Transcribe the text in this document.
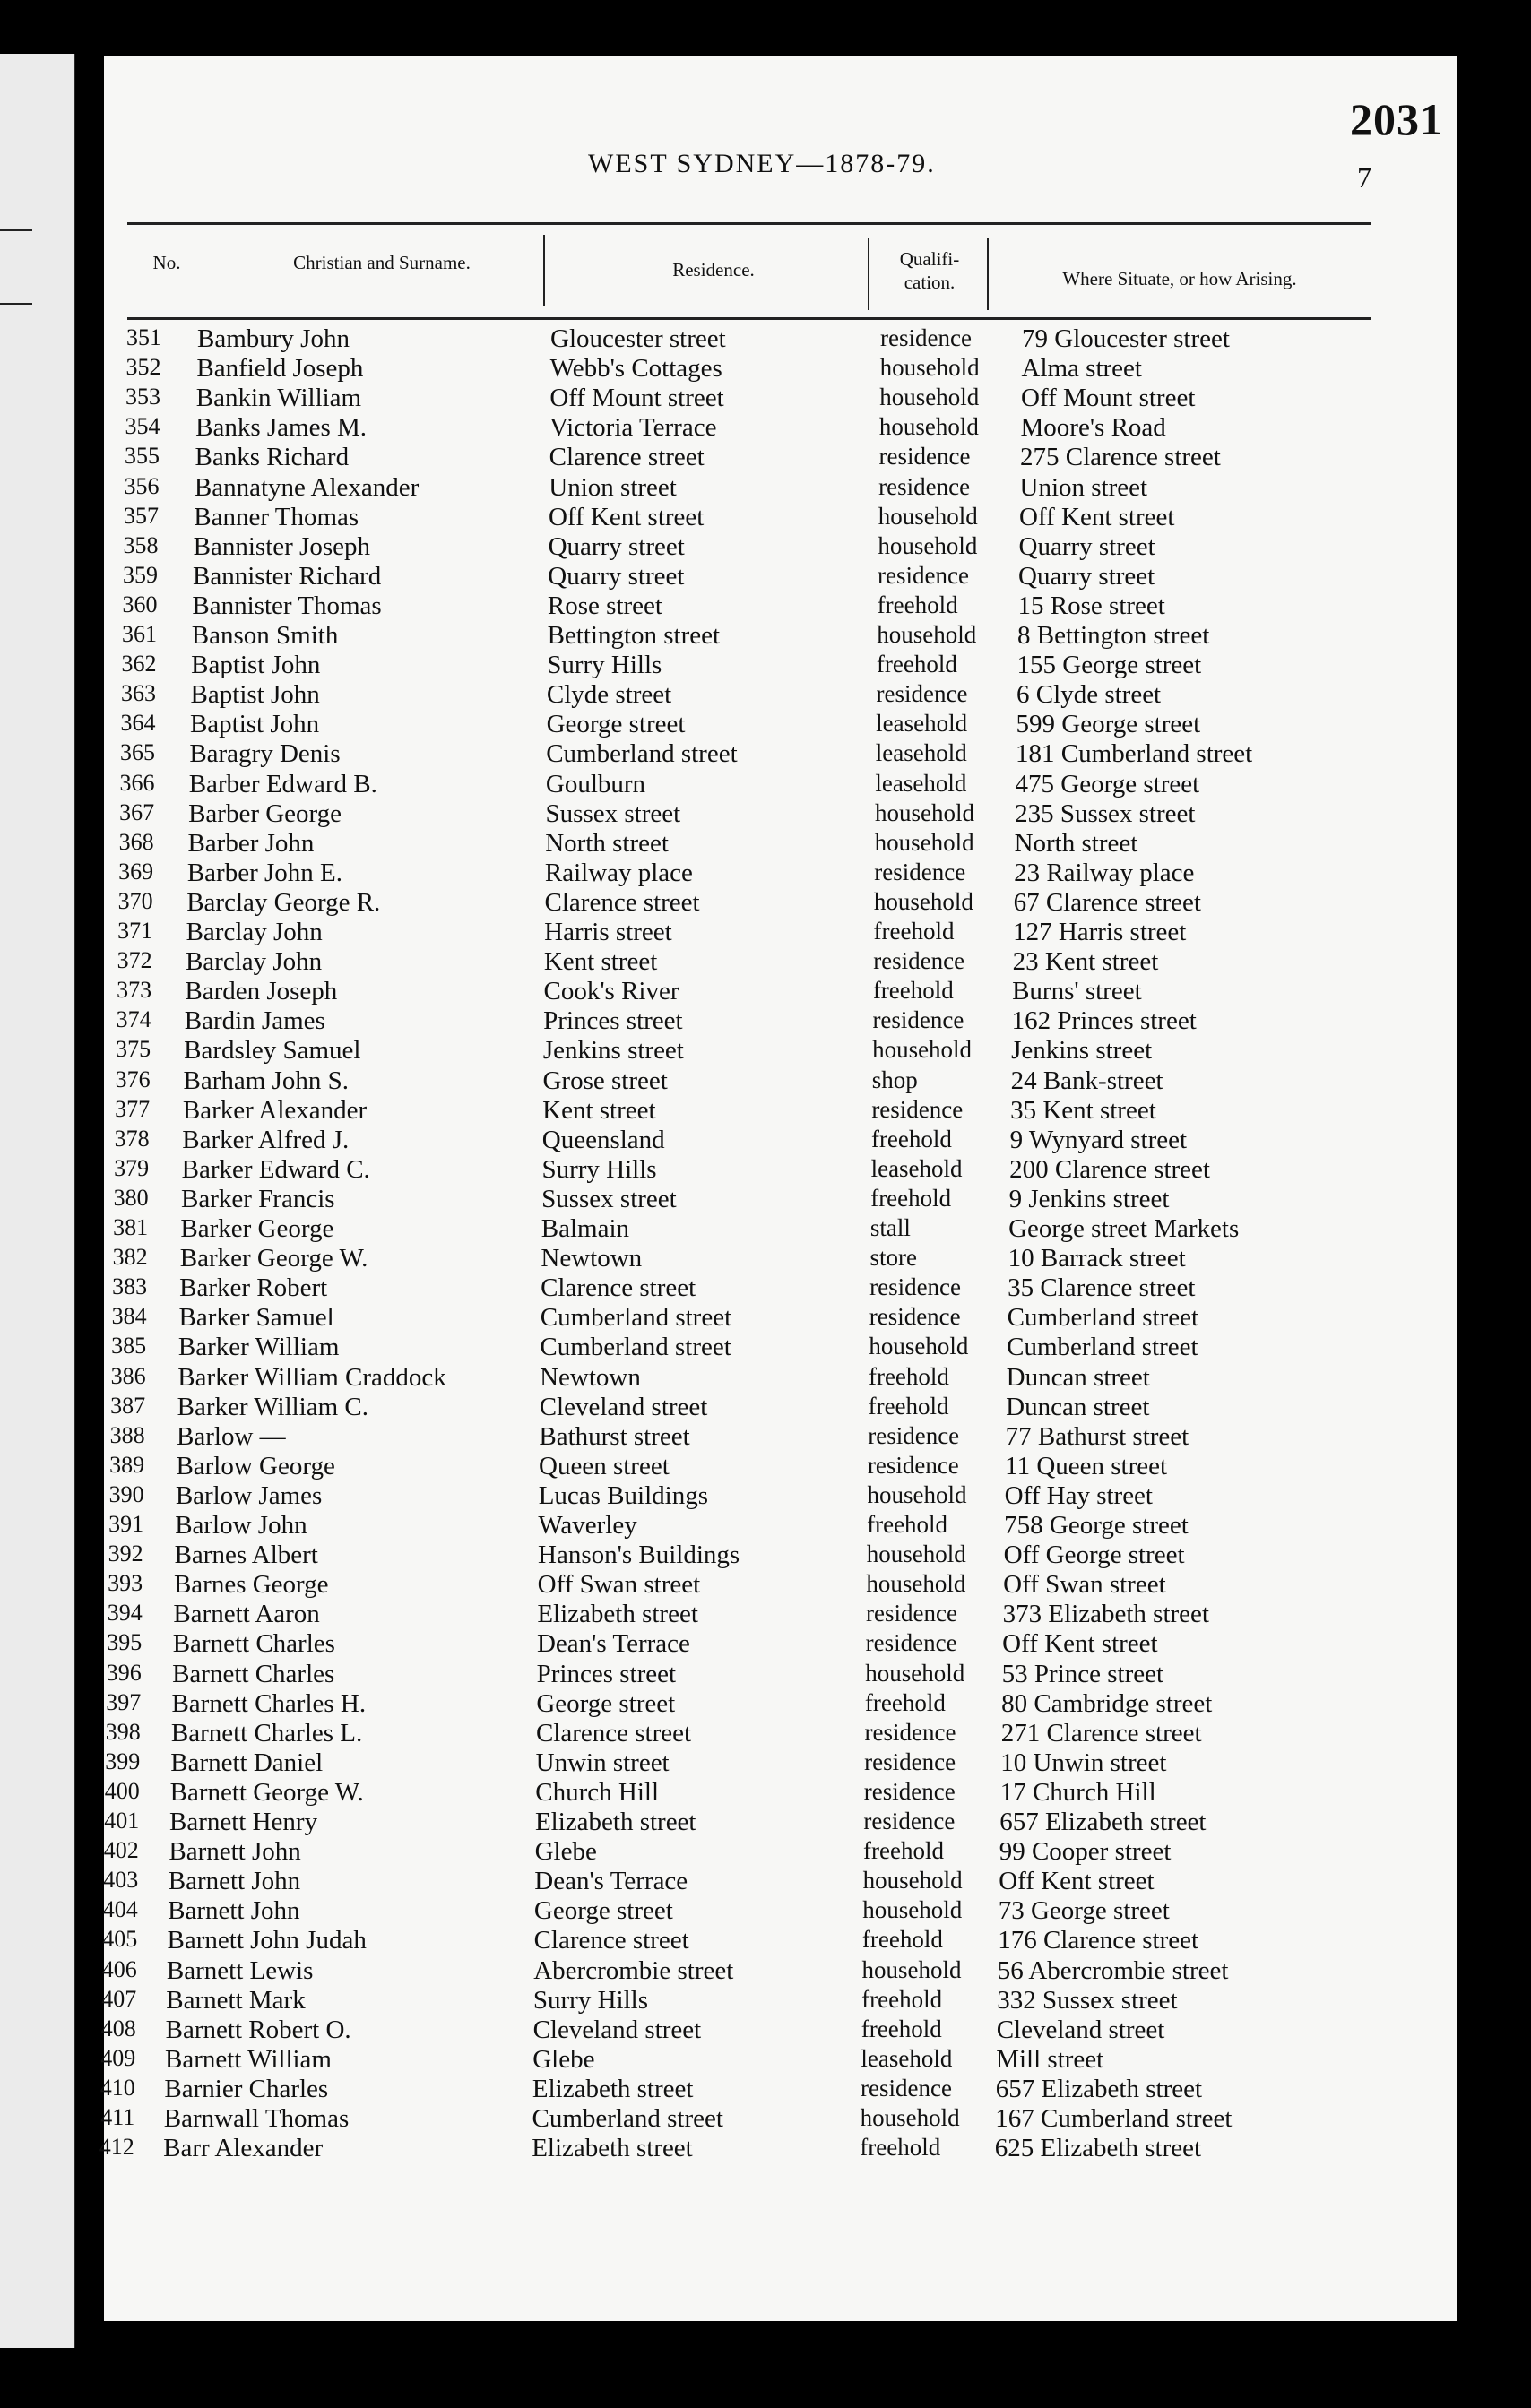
2031
WEST SYDNEY—1878-79.	7
No.	Christian and Surname.	Residence.	Qualifi-
cation.	Where Situate, or how Arising.
351 Bambury John	Gloucester street	residence 79 Gloucester street
352 Banfield Joseph	Webb's Cottages	household Alma street
353 Bankin William	Off Mount street	household Off Mount street
354 Banks James M.	Victoria Terrace	household Moore's Road
355 Banks Richard	Clarence street	residence 275 Clarence street
356 Bannatyne Alexander	Union street	residence Union street
357 Banner Thomas	Off Kent street	household Off Kent street
358 Bannister Joseph	Quarry street	household Quarry street
359 Bannister Richard	Quarry street	residence Quarry street
360 Bannister Thomas	Rose street	freehold 15 Rose street
361 Banson Smith	Bettington street	household 8 Bettington street
362 Baptist John	Surry Hills	freehold 155 George street
363 Baptist John	Clyde street	residence 6 Clyde street
364 Baptist John	George street	leasehold 599 George street
365 Baragry Denis	Cumberland street	leasehold 181 Cumberland street
366 Barber Edward B.	Goulburn	leasehold 475 George street
367 Barber George	Sussex street	household 235 Sussex street
368 Barber John	North street	household North street
369 Barber John E.	Railway place	residence 23 Railway place
370 Barclay George R.	Clarence street	household 67 Clarence street
371 Barclay John	Harris street	freehold 127 Harris street
372 Barclay John	Kent street	residence 23 Kent street
373 Barden Joseph	Cook's River	freehold Burns' street
374 Bardin James	Princes street	residence 162 Princes street
375 Bardsley Samuel	Jenkins street	household Jenkins street
376 Barham John S.	Grose street	shop	24 Bank-street
377 Barker Alexander	Kent street	residence 35 Kent street
378 Barker Alfred J.	Queensland	freehold 9 Wynyard street
379 Barker Edward C.	Surry Hills	leasehold 200 Clarence street
380 Barker Francis	Sussex street	freehold 9 Jenkins street
381 Barker George	Balmain	stall	George street Markets
382 Barker George W.	Newtown	store	10 Barrack street
383 Barker Robert	Clarence street	residence 35 Clarence street
384 Barker Samuel	Cumberland street	residence Cumberland street
385 Barker William	Cumberland street	household Cumberland street
386 Barker William Craddock	Newtown	freehold Duncan street
387 Barker William C.	Cleveland street	freehold Duncan street
388 Barlow —	Bathurst street	residence 77 Bathurst street
389 Barlow George	Queen street	residence 11 Queen street
390 Barlow James	Lucas Buildings	household Off Hay street
391 Barlow John	Waverley	freehold 758 George street
392 Barnes Albert	Hanson's Buildings	household Off George street
393 Barnes George	Off Swan street	household Off Swan street
394 Barnett Aaron	Elizabeth street	residence 373 Elizabeth street
395 Barnett Charles	Dean's Terrace	residence Off Kent street
396 Barnett Charles	Princes street	household 53 Prince street
397 Barnett Charles H.	George street	freehold 80 Cambridge street
398 Barnett Charles L.	Clarence street	residence 271 Clarence street
399 Barnett Daniel	Unwin street	residence 10 Unwin street
400 Barnett George W.	Church Hill	residence 17 Church Hill
401 Barnett Henry	Elizabeth street	residence 657 Elizabeth street
402 Barnett John	Glebe	freehold 99 Cooper street
403 Barnett John	Dean's Terrace	household Off Kent street
404 Barnett John	George street	household 73 George street
405 Barnett John Judah	Clarence street	freehold 176 Clarence street
406 Barnett Lewis	Abercrombie street	household 56 Abercrombie street
407 Barnett Mark	Surry Hills	freehold 332 Sussex street
408 Barnett Robert O.	Cleveland street	freehold Cleveland street
409 Barnett William	Glebe	leasehold Mill street
410 Barnier Charles	Elizabeth street	residence 657 Elizabeth street
411 Barnwall Thomas	Cumberland street	household 167 Cumberland street
412 Barr Alexander	Elizabeth street	freehold 625 Elizabeth street
